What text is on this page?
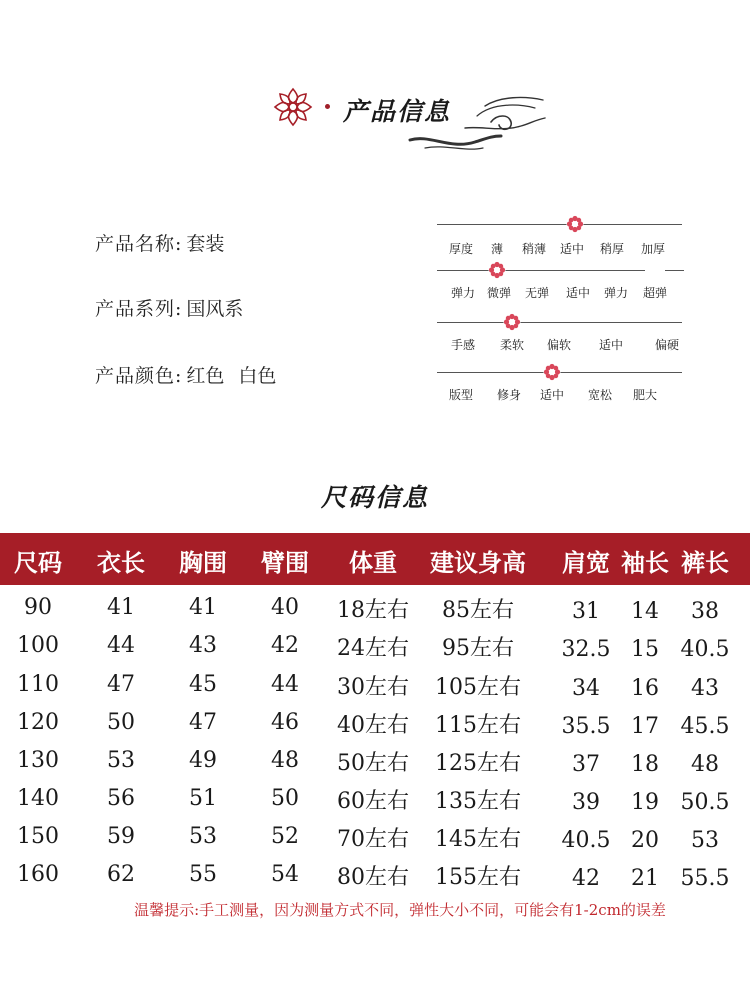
产品信息
产品名称: 套装
产品系列: 国风系
产品颜色: 红色 白色
厚度 薄 稍薄 适中 稍厚 加厚
弹力 微弹 无弹 适中 弹力 超弹
手感 柔软 偏软 适中	偏硬
版型 修身 适中 宽松 肥大
尺码信息
尺码 衣长 胸围 臂围 体重 建议身高 肩宽 袖长 裤长
90	41 41 40 18左右 85左右	31 14 38
100 44 43 42 24左右 95左右 32.5 15 40.5
110 47 45 44 30左右 105左右 34 16 43
120 50 47 46 40左右 115左右 35.5 17 45.5
130 53 49 48 50左右 125左右 37 18 48
140 56 51 50 60左右 135左右 39 19 50.5
150 59 53 52 70左右 145左右 40.5 20 53
160 62 55 54 80左右 155左右 42 21 55.5
温馨提示:手工测量，因为测量方式不同，弹性大小不同，可能会有1-2cm的误差
